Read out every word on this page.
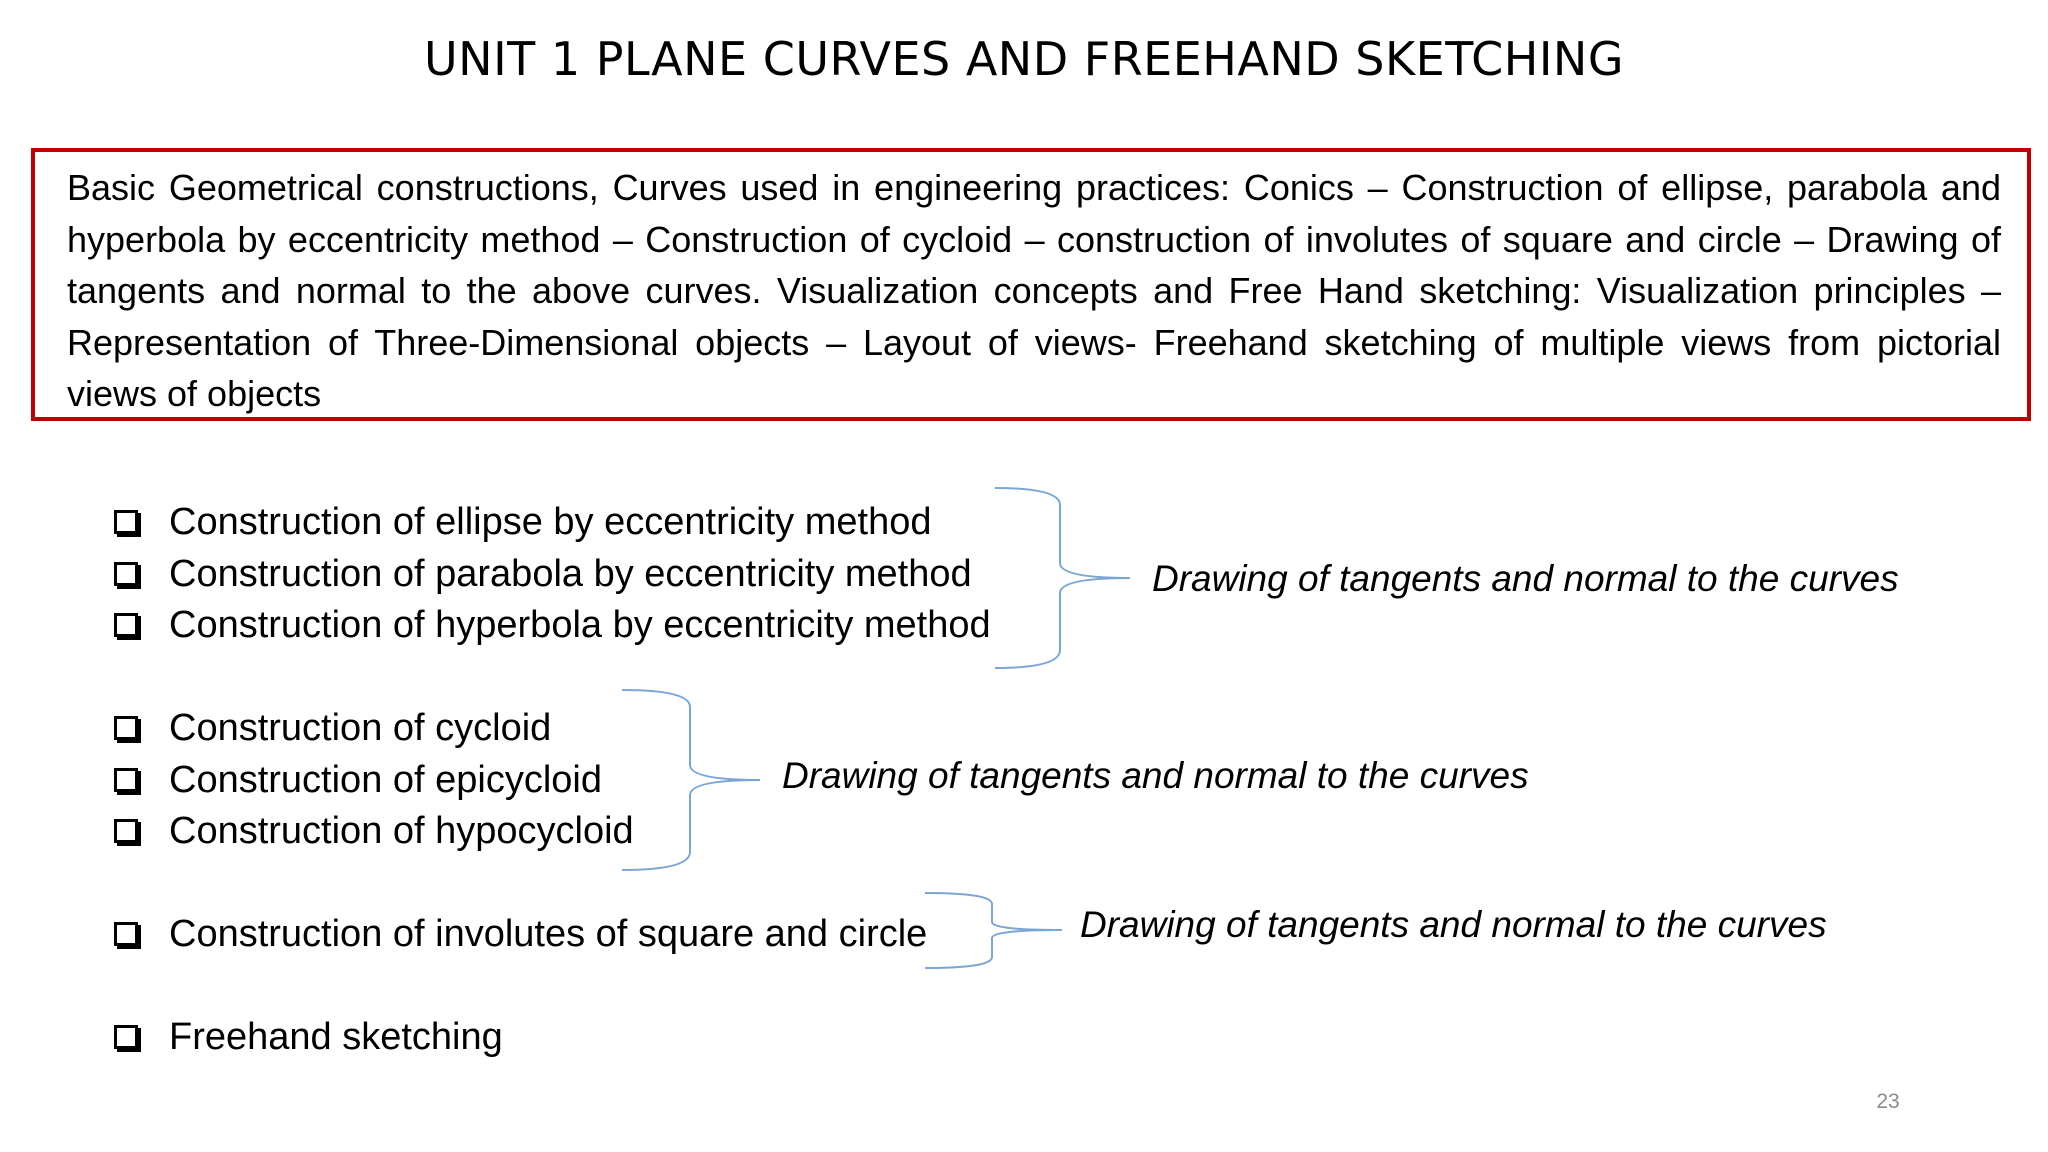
UNIT 1 PLANE CURVES AND FREEHAND SKETCHING
Basic Geometrical constructions, Curves used in engineering practices: Conics – Construction of ellipse, parabola and hyperbola by eccentricity method – Construction of cycloid – construction of involutes of square and circle – Drawing of tangents and normal to the above curves. Visualization concepts and Free Hand sketching: Visualization principles –Representation of Three-Dimensional objects – Layout of views- Freehand sketching of multiple views from pictorial views of objects
Construction of ellipse by eccentricity method
Construction of parabola by eccentricity method
Construction of hyperbola by eccentricity method
Drawing of tangents and normal to the curves
Construction of cycloid
Construction of epicycloid
Construction of hypocycloid
Drawing of tangents and normal to the curves
Construction of involutes of square and circle	Drawing of tangents and normal to the curves
Freehand sketching
23
